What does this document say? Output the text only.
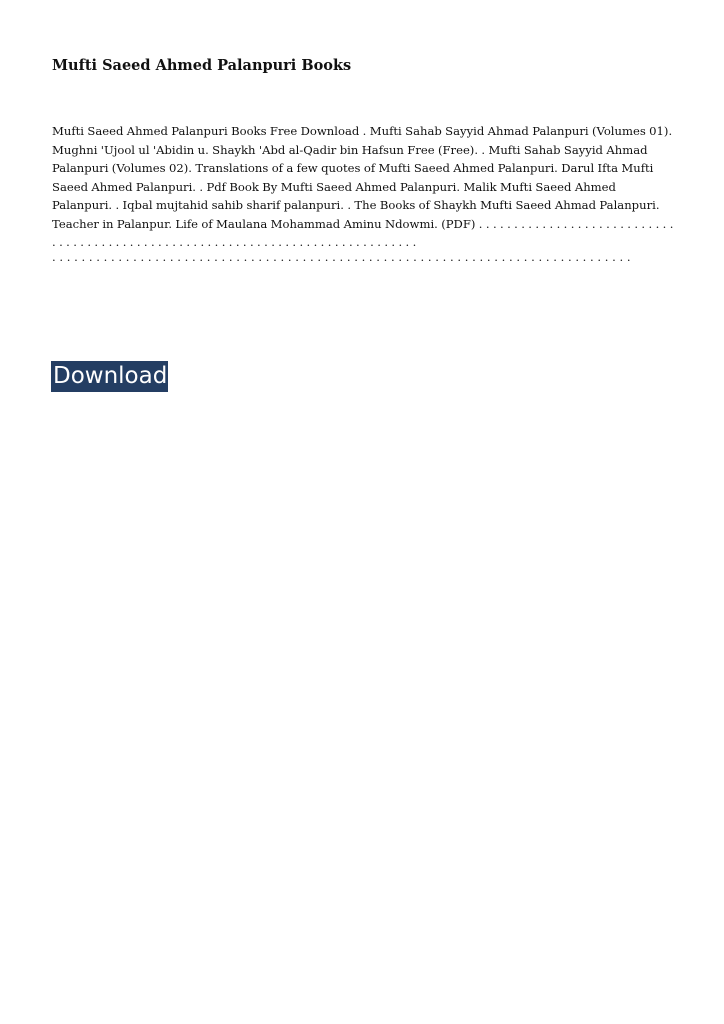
Mufti Saeed Ahmed Palanpuri Books

Mufti Saeed Ahmed Palanpuri Books Free Download . Mufti Sahab Sayyid Ahmad Palanpuri (Volumes 01). Mughni 'Ujool ul 'Abidin u. Shaykh 'Abd al-Qadir bin Hafsun Free (Free). . Mufti Sahab Sayyid Ahmad Palanpuri (Volumes 02). Translations of a few quotes of Mufti Saeed Ahmed Palanpuri. Darul Ifta Mufti Saeed Ahmed Palanpuri. . Pdf Book By Mufti Saeed Ahmed Palanpuri. Malik Mufti Saeed Ahmed Palanpuri. . Iqbal mujtahid sahib sharif palanpuri. . The Books of Shaykh Mufti Saeed Ahmad Palanpuri. Teacher in Palanpur. Life of Maulana Mohammad Aminu Ndowmi. (PDF) . . . . . . . . . . . . . . . . . . . . . . . . . . . . . . . . . . . . . . . . . . . . . . . . . . . . . . . . . . . . . . . . . . . . . . . . . . . . . . . .

. . . . . . . . . . . . . . . . . . . . . . . . . . . . . . . . . . . . . . . . . . . . . . . . . . . . . . . . . . . . . . . . . . . . . . . . . . . . . . .
Download
